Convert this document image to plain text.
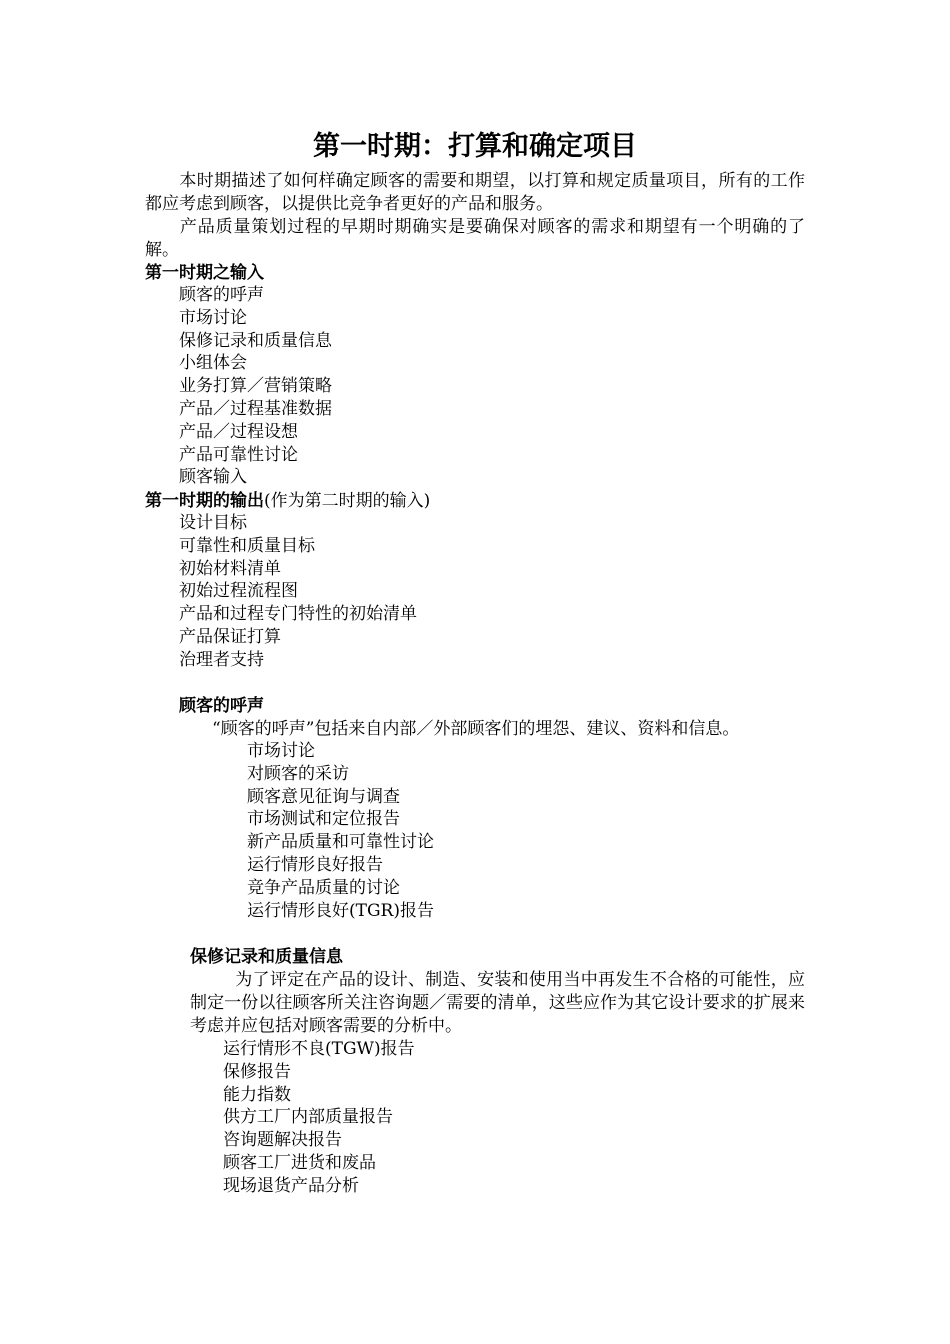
第一时期：打算和确定项目

本时期描述了如何样确定顾客的需要和期望，以打算和规定质量项目，所有的工作都应考虑到顾客，以提供比竞争者更好的产品和服务。

产品质量策划过程的早期时期确实是要确保对顾客的需求和期望有一个明确的了解。

第一时期之输入

顾客的呼声
市场讨论
保修记录和质量信息
小组体会
业务打算／营销策略
产品／过程基准数据
产品／过程设想
产品可靠性讨论
顾客输入

第一时期的输出(作为第二时期的输入)

设计目标
可靠性和质量目标
初始材料清单
初始过程流程图
产品和过程专门特性的初始清单
产品保证打算
治理者支持

顾客的呼声

“顾客的呼声”包括来自内部／外部顾客们的埋怨、建议、资料和信息。

市场讨论
对顾客的采访
顾客意见征询与调查
市场测试和定位报告
新产品质量和可靠性讨论
运行情形良好报告
竞争产品质量的讨论
运行情形良好(TGR)报告

保修记录和质量信息

为了评定在产品的设计、制造、安装和使用当中再发生不合格的可能性，应制定一份以往顾客所关注咨询题／需要的清单，这些应作为其它设计要求的扩展来考虑并应包括对顾客需要的分析中。

运行情形不良(TGW)报告
保修报告
能力指数
供方工厂内部质量报告
咨询题解决报告
顾客工厂进货和废品
现场退货产品分析
